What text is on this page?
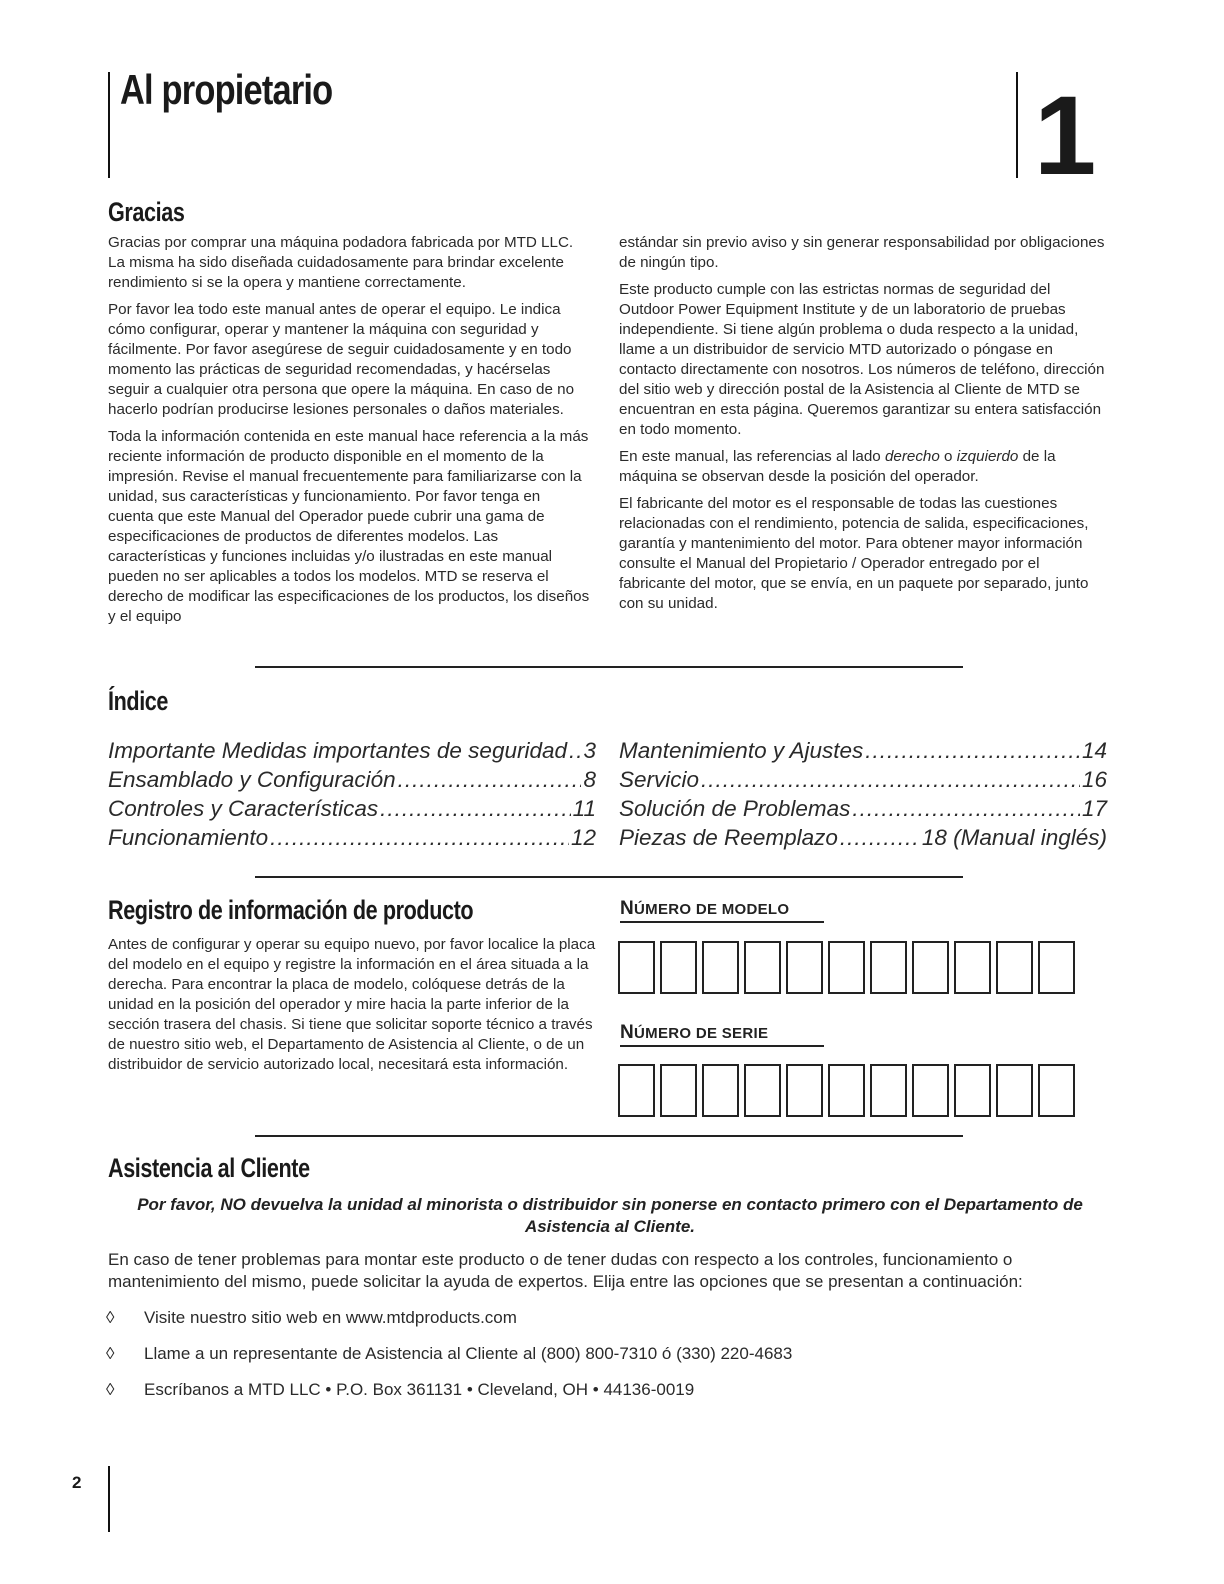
Al propietario	1
Gracias

Gracias por comprar una máquina podadora fabricada por MTD LLC. La misma ha sido diseñada cuidadosamente para brindar excelente rendimiento si se la opera y mantiene correctamente.

Por favor lea todo este manual antes de operar el equipo. Le indica cómo configurar, operar y mantener la máquina con seguridad y fácilmente. Por favor asegúrese de seguir cuidadosamente y en todo momento las prácticas de seguridad recomendadas, y hacérselas seguir a cualquier otra persona que opere la máquina. En caso de no hacerlo podrían producirse lesiones personales o daños materiales.

Toda la información contenida en este manual hace referencia a la más reciente información de producto disponible en el momento de la impresión. Revise el manual frecuentemente para familiarizarse con la unidad, sus características y funcionamiento. Por favor tenga en cuenta que este Manual del Operador puede cubrir una gama de especificaciones de productos de diferentes modelos. Las características y funciones incluidas y/o ilustradas en este manual pueden no ser aplicables a todos los modelos. MTD se reserva el derecho de modificar las especificaciones de los productos, los diseños y el equipo

estándar sin previo aviso y sin generar responsabilidad por obligaciones de ningún tipo.

Este producto cumple con las estrictas normas de seguridad del Outdoor Power Equipment Institute y de un laboratorio de pruebas independiente. Si tiene algún problema o duda respecto a la unidad, llame a un distribuidor de servicio MTD autorizado o póngase en contacto directamente con nosotros. Los números de teléfono, dirección del sitio web y dirección postal de la Asistencia al Cliente de MTD se encuentran en esta página. Queremos garantizar su entera satisfacción en todo momento.

En este manual, las referencias al lado derecho o izquierdo de la máquina se observan desde la posición del operador.

El fabricante del motor es el responsable de todas las cuestiones relacionadas con el rendimiento, potencia de salida, especificaciones, garantía y mantenimiento del motor. Para obtener mayor información consulte el Manual del Propietario / Operador entregado por el fabricante del motor, que se envía, en un paquete por separado, junto con su unidad.

Índice
Importante Medidas importantes de seguridad ..... 3
Ensamblado y Configuración .....	8
Controles y Características .....	11
Funcionamiento .....	12
Mantenimiento y Ajustes .....	14
Servicio .....	16
Solución de Problemas .....	17
Piezas de Reemplazo .....	18 (Manual inglés)
Registro de información de producto

Antes de configurar y operar su equipo nuevo, por favor localice la placa del modelo en el equipo y registre la información en el área situada a la derecha. Para encontrar la placa de modelo, colóquese detrás de la unidad en la posición del operador y mire hacia la parte inferior de la sección trasera del chasis. Si tiene que solicitar soporte técnico a través de nuestro sitio web, el Departamento de Asistencia al Cliente, o de un distribuidor de servicio autorizado local, necesitará esta información.

NÚMERO DE MODELO
NÚMERO DE SERIE
Asistencia al Cliente
Por favor, NO devuelva la unidad al minorista o distribuidor sin ponerse en contacto primero con el Departamento de Asistencia al Cliente.
En caso de tener problemas para montar este producto o de tener dudas con respecto a los controles, funcionamiento o mantenimiento del mismo, puede solicitar la ayuda de expertos. Elija entre las opciones que se presentan a continuación:
◊	Visite nuestro sitio web en www.mtdproducts.com
◊	Llame a un representante de Asistencia al Cliente al (800) 800-7310 ó (330) 220-4683
◊	Escríbanos a MTD LLC • P.O. Box 361131 • Cleveland, OH • 44136-0019
2
